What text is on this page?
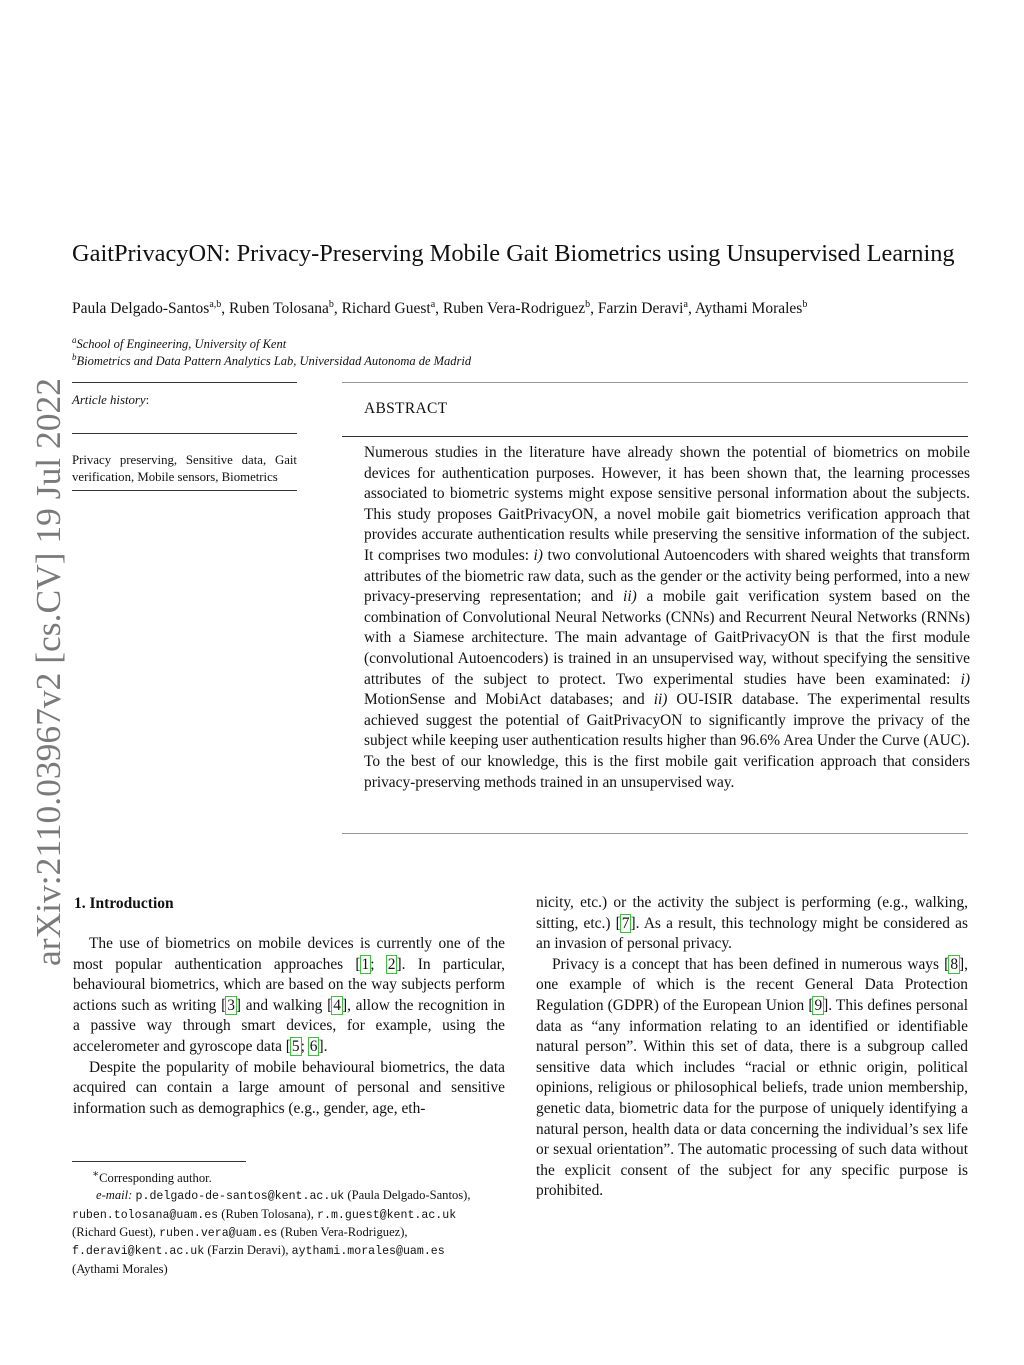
arXiv:2110.03967v2 [cs.CV] 19 Jul 2022
GaitPrivacyON: Privacy-Preserving Mobile Gait Biometrics using Unsupervised Learning
Paula Delgado-Santos$^{a,b}$, Ruben Tolosana$^b$, Richard Guest$^a$, Ruben Vera-Rodriguez$^b$, Farzin Deravi$^a$, Aythami Morales$^b$
$^a$School of Engineering, University of Kent
$^b$Biometrics and Data Pattern Analytics Lab, Universidad Autonoma de Madrid
Article history:
Privacy preserving, Sensitive data, Gait verification, Mobile sensors, Biometrics
ABSTRACT
Numerous studies in the literature have already shown the potential of biometrics on mobile devices for authentication purposes. However, it has been shown that, the learning processes associated to biometric systems might expose sensitive personal information about the subjects. This study proposes GaitPrivacyON, a novel mobile gait biometrics verification approach that provides accurate authentication results while preserving the sensitive information of the subject. It comprises two modules: i) two convolutional Autoencoders with shared weights that transform attributes of the biometric raw data, such as the gender or the activity being performed, into a new privacy-preserving representation; and ii) a mobile gait verification system based on the combination of Convolutional Neural Networks (CNNs) and Recurrent Neural Networks (RNNs) with a Siamese architecture. The main advantage of GaitPrivacyON is that the first module (convolutional Autoencoders) is trained in an unsupervised way, without specifying the sensitive attributes of the subject to protect. Two experimental studies have been examinated: i) MotionSense and MobiAct databases; and ii) OU-ISIR database. The experimental results achieved suggest the potential of GaitPrivacyON to significantly improve the privacy of the subject while keeping user authentication results higher than 96.6% Area Under the Curve (AUC). To the best of our knowledge, this is the first mobile gait verification approach that considers privacy-preserving methods trained in an unsupervised way.
1. Introduction

The use of biometrics on mobile devices is currently one of the most popular authentication approaches [1; 2]. In particular, behavioural biometrics, which are based on the way subjects perform actions such as writing [3] and walking [4], allow the recognition in a passive way through smart devices, for example, using the accelerometer and gyroscope data [5; 6].

Despite the popularity of mobile behavioural biometrics, the data acquired can contain a large amount of personal and sensitive information such as demographics (e.g., gender, age, eth-

nicity, etc.) or the activity the subject is performing (e.g., walking, sitting, etc.) [7]. As a result, this technology might be considered as an invasion of personal privacy.

Privacy is a concept that has been defined in numerous ways [8], one example of which is the recent General Data Protection Regulation (GDPR) of the European Union [9]. This defines personal data as “any information relating to an identified or identifiable natural person”. Within this set of data, there is a subgroup called sensitive data which includes “racial or ethnic origin, political opinions, religious or philosophical beliefs, trade union membership, genetic data, biometric data for the purpose of uniquely identifying a natural person, health data or data concerning the individual’s sex life or sexual orientation”. The automatic processing of such data without the explicit consent of the subject for any specific purpose is prohibited.

∗Corresponding author.
e-mail: p.delgado-de-santos@kent.ac.uk (Paula Delgado-Santos),
ruben.tolosana@uam.es (Ruben Tolosana), r.m.guest@kent.ac.uk
(Richard Guest), ruben.vera@uam.es (Ruben Vera-Rodriguez),
f.deravi@kent.ac.uk (Farzin Deravi), aythami.morales@uam.es
(Aythami Morales)
